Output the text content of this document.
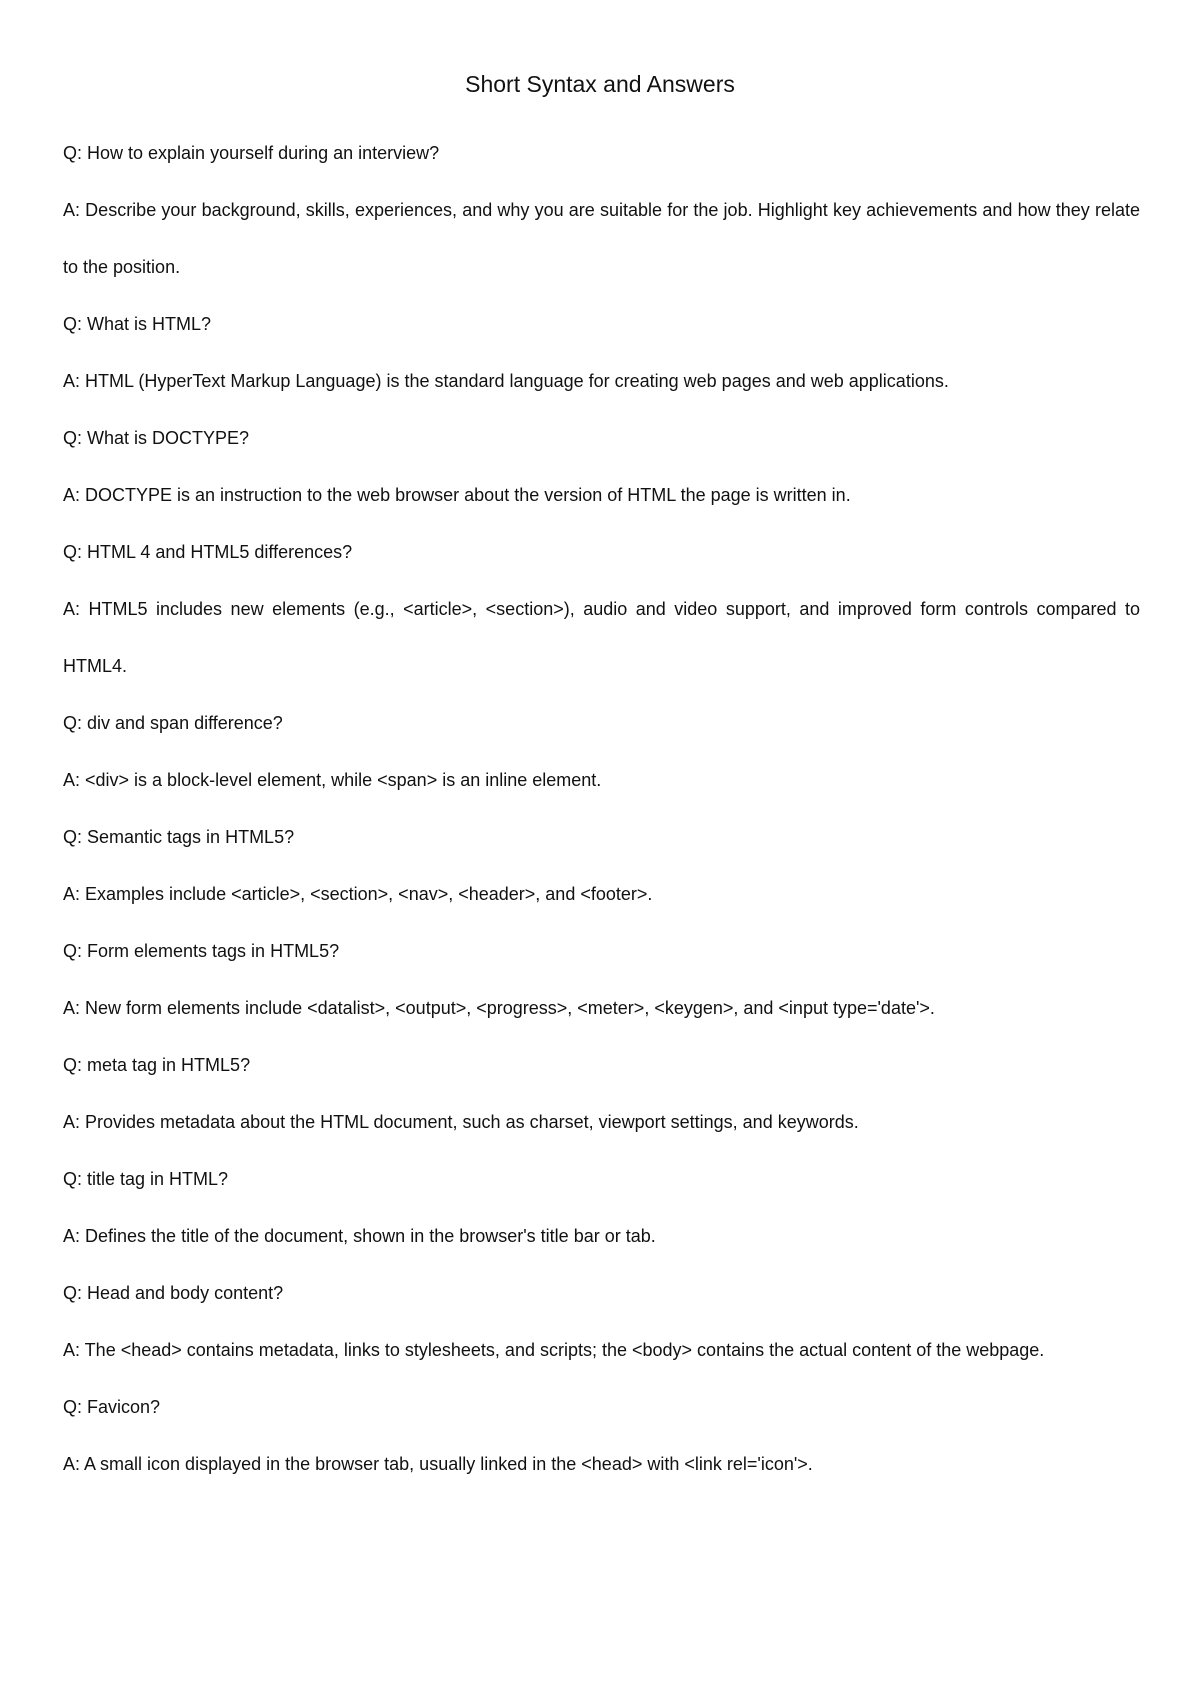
Short Syntax and Answers

Q: How to explain yourself during an interview?

A: Describe your background, skills, experiences, and why you are suitable for the job. Highlight key achievements and how they relate to the position.

Q: What is HTML?

A: HTML (HyperText Markup Language) is the standard language for creating web pages and web applications.

Q: What is DOCTYPE?

A: DOCTYPE is an instruction to the web browser about the version of HTML the page is written in.

Q: HTML 4 and HTML5 differences?

A: HTML5 includes new elements (e.g., <article>, <section>), audio and video support, and improved form controls compared to HTML4.

Q: div and span difference?

A: <div> is a block-level element, while <span> is an inline element.

Q: Semantic tags in HTML5?

A: Examples include <article>, <section>, <nav>, <header>, and <footer>.

Q: Form elements tags in HTML5?

A: New form elements include <datalist>, <output>, <progress>, <meter>, <keygen>, and <input type='date'>.

Q: meta tag in HTML5?

A: Provides metadata about the HTML document, such as charset, viewport settings, and keywords.

Q: title tag in HTML?

A: Defines the title of the document, shown in the browser's title bar or tab.

Q: Head and body content?

A: The <head> contains metadata, links to stylesheets, and scripts; the <body> contains the actual content of the webpage.

Q: Favicon?

A: A small icon displayed in the browser tab, usually linked in the <head> with <link rel='icon'>.
